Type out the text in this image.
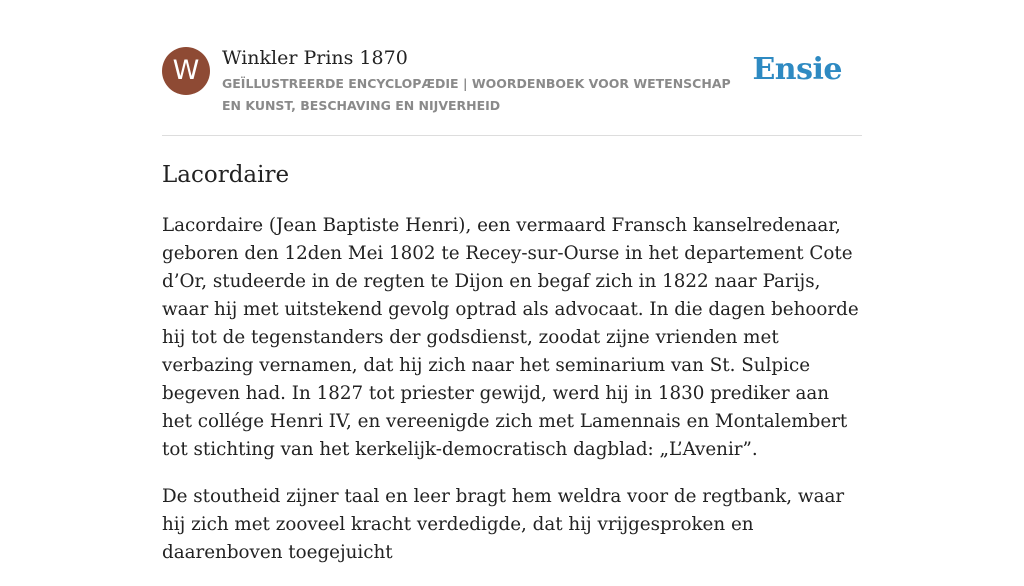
W	Winkler Prins 1870
GEÏLLUSTREERDE ENCYCLOPÆDIE | WOORDENBOEK VOOR WETENSCHAP EN KUNST, BESCHAVING EN NIJVERHEID
Ensie
Lacordaire

Lacordaire (Jean Baptiste Henri), een vermaard Fransch kanselredenaar, geboren den 12den Mei 1802 te Recey-sur-Ourse in het departement Cote d’Or, studeerde in de regten te Dijon en begaf zich in 1822 naar Parijs, waar hij met uitstekend gevolg optrad als advocaat. In die dagen behoorde hij tot de tegenstanders der godsdienst, zoodat zijne vrienden met verbazing vernamen, dat hij zich naar het seminarium van St. Sulpice begeven had. In 1827 tot priester gewijd, werd hij in 1830 prediker aan het collége Henri IV, en vereenigde zich met Lamennais en Montalembert tot stichting van het kerkelijk-democratisch dagblad: „L’Avenir”.

De stoutheid zijner taal en leer bragt hem weldra voor de regtbank, waar hij zich met zooveel kracht verdedigde, dat hij vrijgesproken en daarenboven toegejuicht
